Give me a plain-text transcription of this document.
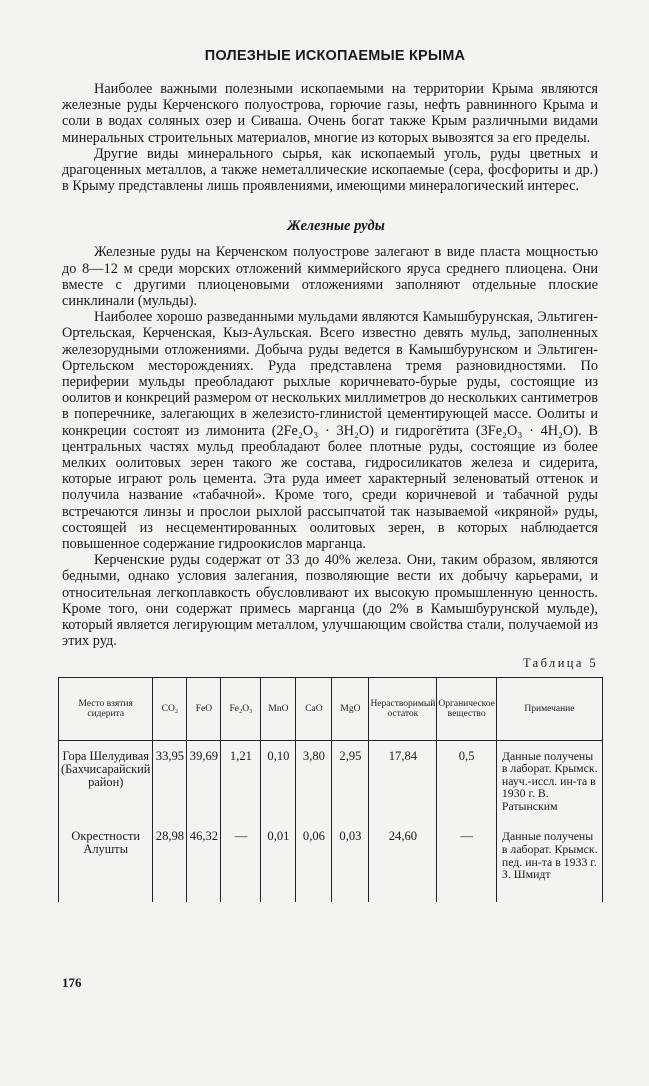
ПОЛЕЗНЫЕ ИСКОПАЕМЫЕ КРЫМА

Наиболее важными полезными ископаемыми на территории Крыма являются железные руды Керченского полуострова, горючие газы, нефть равнинного Крыма и соли в водах соляных озер и Сиваша. Очень богат также Крым различными видами минеральных строительных материалов, многие из которых вывозятся за его пределы.

Другие виды минерального сырья, как ископаемый уголь, руды цветных и драгоценных металлов, а также неметаллические ископаемые (сера, фосфориты и др.) в Крыму представлены лишь проявлениями, имеющими минералогический интерес.

Железные руды

Железные руды на Керченском полуострове залегают в виде пласта мощностью до 8—12 м среди морских отложений киммерийского яруса среднего плиоцена. Они вместе с другими плиоценовыми отложениями заполняют отдельные плоские синклинали (мульды).

Наиболее хорошо разведанными мульдами являются Камышбурунская, Эльтиген-Ортельская, Керченская, Кыз-Аульская. Всего известно девять мульд, заполненных железорудными отложениями. Добыча руды ведется в Камышбурунском и Эльтиген-Ортельском месторождениях. Руда представлена тремя разновидностями. По периферии мульды преобладают рыхлые коричневато-бурые руды, состоящие из оолитов и конкреций размером от нескольких миллиметров до нескольких сантиметров в поперечнике, залегающих в железисто-глинистой цементирующей массе. Оолиты и конкреции состоят из лимонита (2Fe₂O₃ · 3H₂O) и гидрогётита (3Fe₂O₃ · 4H₂O). В центральных частях мульд преобладают более плотные руды, состоящие из более мелких оолитовых зерен такого же состава, гидросиликатов железа и сидерита, которые играют роль цемента. Эта руда имеет характерный зеленоватый оттенок и получила название «табачной». Кроме того, среди коричневой и табачной руды встречаются линзы и прослои рыхлой рассыпчатой так называемой «икряной» руды, состоящей из несцементированных оолитовых зерен, в которых наблюдается повышенное содержание гидроокислов марганца.

Керченские руды содержат от 33 до 40% железа. Они, таким образом, являются бедными, однако условия залегания, позволяющие вести их добычу карьерами, и относительная легкоплавкость обусловливают их высокую промышленную ценность. Кроме того, они содержат примесь марганца (до 2% в Камышбурунской мульде), который является легирующим металлом, улучшающим свойства стали, получаемой из этих руд.

Таблица 5
Место взятия сидерита	CO₂	FeO	Fe₂O₃	MnO	CaO	MgO	Нерастворимый остаток	Органическое вещество	Примечание
Гора Шелудивая (Бахчисарайский район)	33,95	39,69	1,21	0,10	3,80	2,95	17,84	0,5	Данные получены в лаборат. Крымск. науч.-иссл. ин-та в 1930 г. В. Ратынским
Окрестности Алушты	28,98	46,32	—	0,01	0,06	0,03	24,60	—	Данные получены в лаборат. Крымск. пед. ин-та в 1933 г. З. Шмидт
176
